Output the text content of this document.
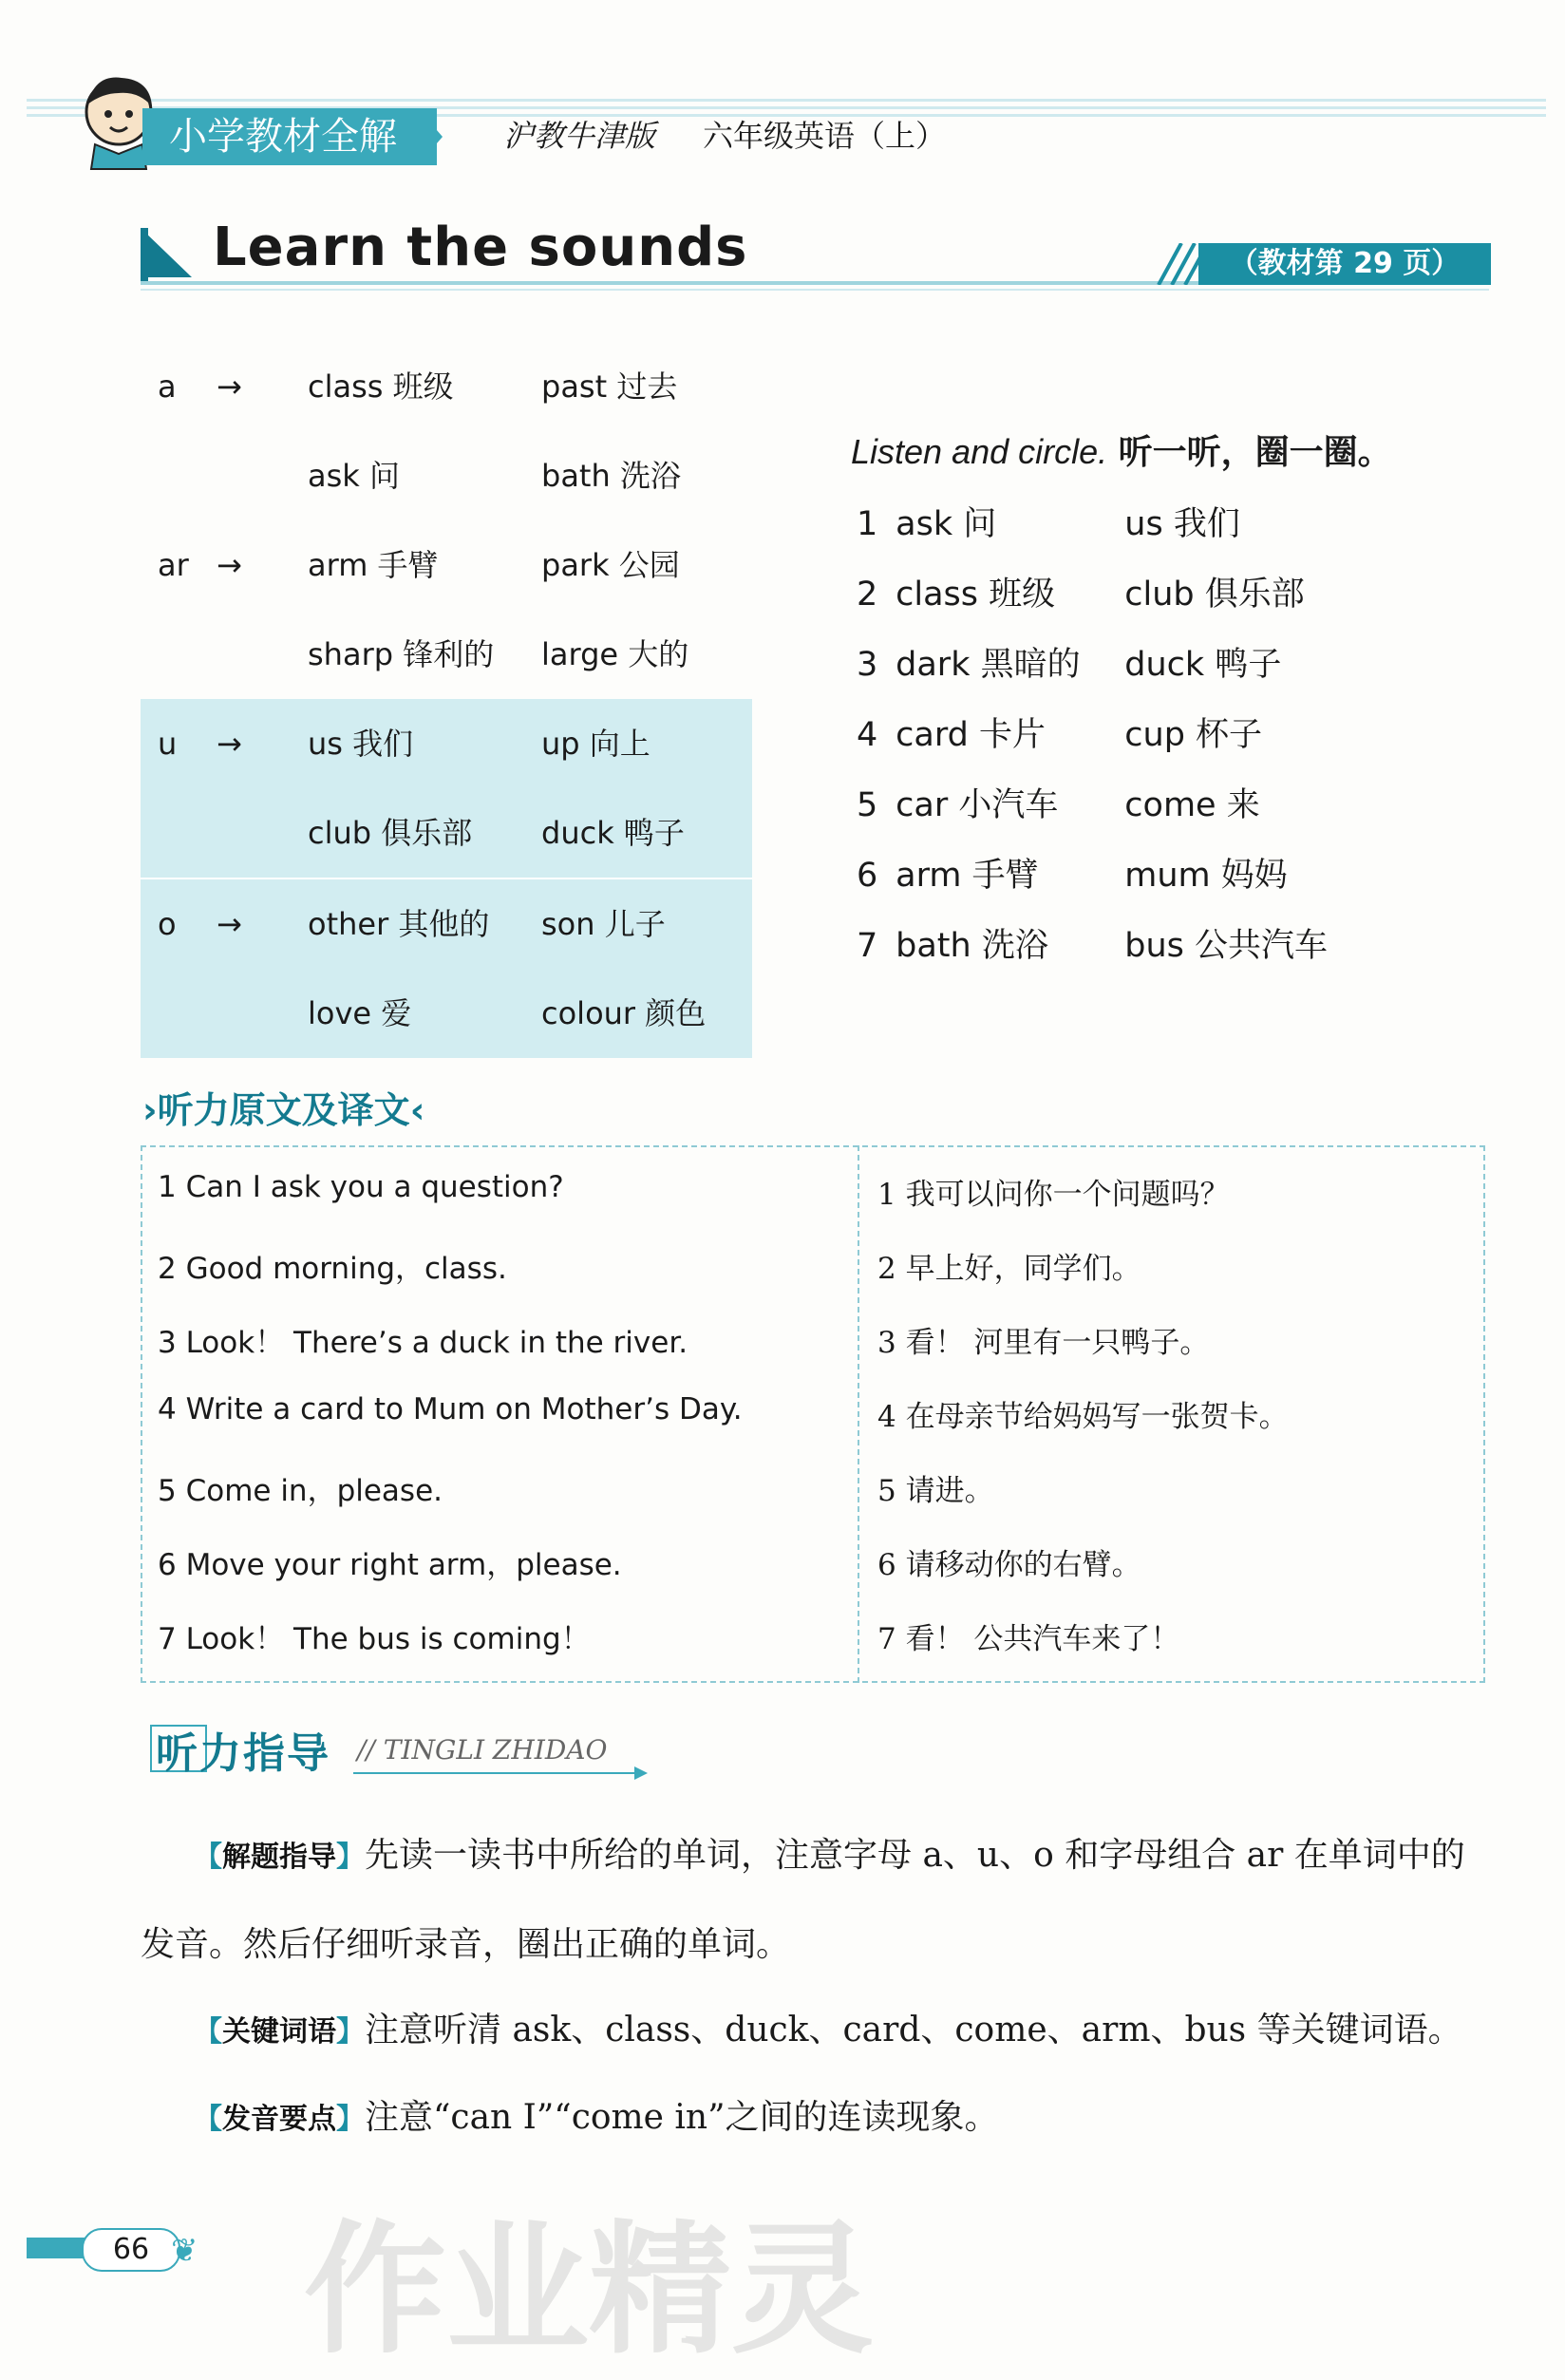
小学教材全解	沪教牛津版 六年级英语（上）
Learn the sounds	（教材第 29 页）
a → class 班级	past 过去
ask 问	bath 洗浴
ar → arm 手臂	park 公园
sharp 锋利的 large 大的
u → us 我们	up 向上
club 俱乐部 duck 鸭子
o → other 其他的 son 儿子
love 爱	colour 颜色
Listen and circle. 听一听，圈一圈。
1 ask 问	us 我们
2 class 班级 club 俱乐部
3 dark 黑暗的 duck 鸭子
4 card 卡片 cup 杯子
5 car 小汽车 come 来
6 arm 手臂	mum 妈妈
7 bath 洗浴 bus 公共汽车
›听力原文及译文‹
1 Can I ask you a question?
2 Good morning，class.
3 Look！ There’s a duck in the river.
4 Write a card to Mum on Mother’s Day.
5 Come in，please.
6 Move your right arm，please.
7 Look！ The bus is coming！
1 我可以问你一个问题吗？
2 早上好，同学们。
3 看！ 河里有一只鸭子。
4 在母亲节给妈妈写一张贺卡。
5 请进。
6 请移动你的右臂。
7 看！ 公共汽车来了！
听力指导 // TINGLI ZHIDAO
【解题指导】先读一读书中所给的单词，注意字母 a、u、o 和字母组合 ar 在单词中的发音。然后仔细听录音，圈出正确的单词。
【关键词语】注意听清 ask、class、duck、card、come、arm、bus 等关键词语。
【发音要点】注意“can I”“come in”之间的连读现象。
66 ❦ 作业精灵
